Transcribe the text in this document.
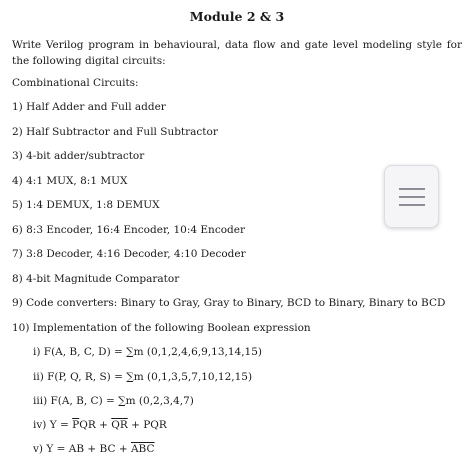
Module 2 & 3
Write Verilog program in behavioural, data flow and gate level modeling style for the following digital circuits:
Combinational Circuits:
1) Half Adder and Full adder
2) Half Subtractor and Full Subtractor
3) 4-bit adder/subtractor
4) 4:1 MUX, 8:1 MUX
5) 1:4 DEMUX, 1:8 DEMUX
6) 8:3 Encoder, 16:4 Encoder, 10:4 Encoder
7) 3:8 Decoder, 4:16 Decoder, 4:10 Decoder
8) 4-bit Magnitude Comparator
9) Code converters: Binary to Gray, Gray to Binary, BCD to Binary, Binary to BCD
10) Implementation of the following Boolean expression
i) F(A, B, C, D) = ∑m (0,1,2,4,6,9,13,14,15)
ii) F(P, Q, R, S) = ∑m (0,1,3,5,7,10,12,15)
iii) F(A, B, C) = ∑m (0,2,3,4,7)
iv) $Y = \overline{P}QR + \overline{QR}$ + PQR
v) Y = AB + BC + $\overline{ABC}$
